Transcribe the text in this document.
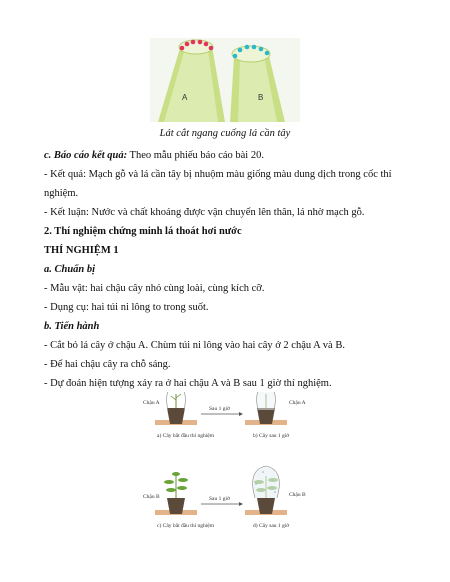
A	B
Lát cắt ngang cuống lá cần tây

c. Báo cáo kết quả: Theo mẫu phiếu báo cáo bài 20.

- Kết quả: Mạch gỗ và lá cần tây bị nhuộm màu giống màu dung dịch trong cốc thí nghiệm.

- Kết luận: Nước và chất khoáng được vận chuyển lên thân, lá nhờ mạch gỗ.

2. Thí nghiệm chứng minh lá thoát hơi nước

THÍ NGHIỆM 1

a. Chuẩn bị

- Mẫu vật: hai chậu cây nhỏ cùng loài, cùng kích cỡ.

- Dụng cụ: hai túi ni lông to trong suốt.

b. Tiến hành

- Cắt bỏ lá cây ở chậu A. Chùm túi ni lông vào hai cây ở 2 chậu A và B.

- Để hai chậu cây ra chỗ sáng.

- Dự đoán hiện tượng xảy ra ở hai chậu A và B sau 1 giờ thí nghiệm.

Chậu A
Sau 1 giờ
Chậu A
a) Cây bắt đầu thí nghiệm	b) Cây sau 1 giờ
Chậu B	Sau 1 giờ
Chậu B
c) Cây bắt đầu thí nghiệm	d) Cây sau 1 giờ
